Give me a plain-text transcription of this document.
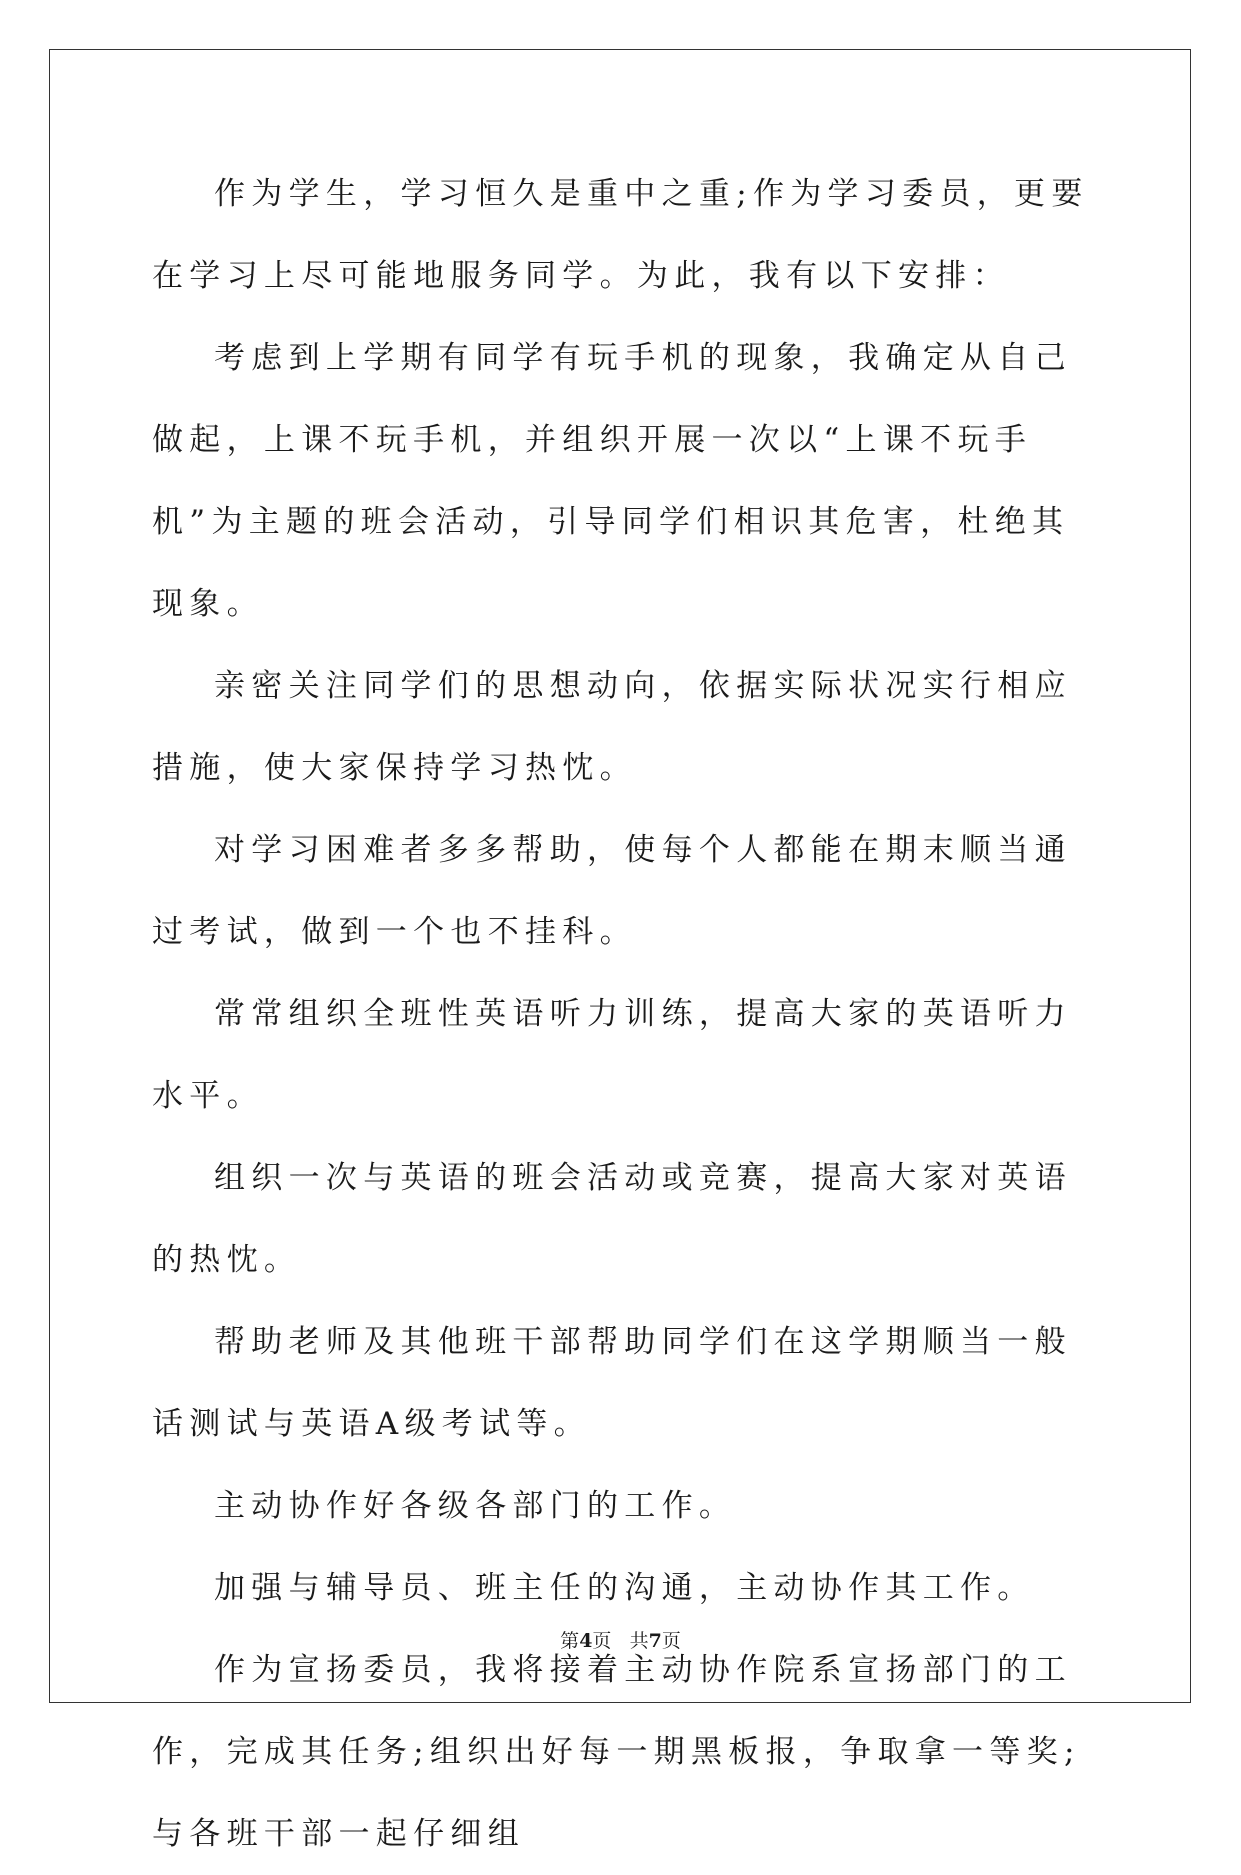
作为学生，学习恒久是重中之重;作为学习委员，更要在学习上尽可能地服务同学。为此，我有以下安排：

考虑到上学期有同学有玩手机的现象，我确定从自己做起，上课不玩手机，并组织开展一次以“上课不玩手机”为主题的班会活动，引导同学们相识其危害，杜绝其现象。

亲密关注同学们的思想动向，依据实际状况实行相应措施，使大家保持学习热忱。

对学习困难者多多帮助，使每个人都能在期末顺当通过考试，做到一个也不挂科。

常常组织全班性英语听力训练，提高大家的英语听力水平。

组织一次与英语的班会活动或竞赛，提高大家对英语的热忱。

帮助老师及其他班干部帮助同学们在这学期顺当一般话测试与英语A级考试等。

主动协作好各级各部门的工作。

加强与辅导员、班主任的沟通，主动协作其工作。

作为宣扬委员，我将接着主动协作院系宣扬部门的工作，完成其任务;组织出好每一期黑板报，争取拿一等奖;与各班干部一起仔细组

第4页 共7页
